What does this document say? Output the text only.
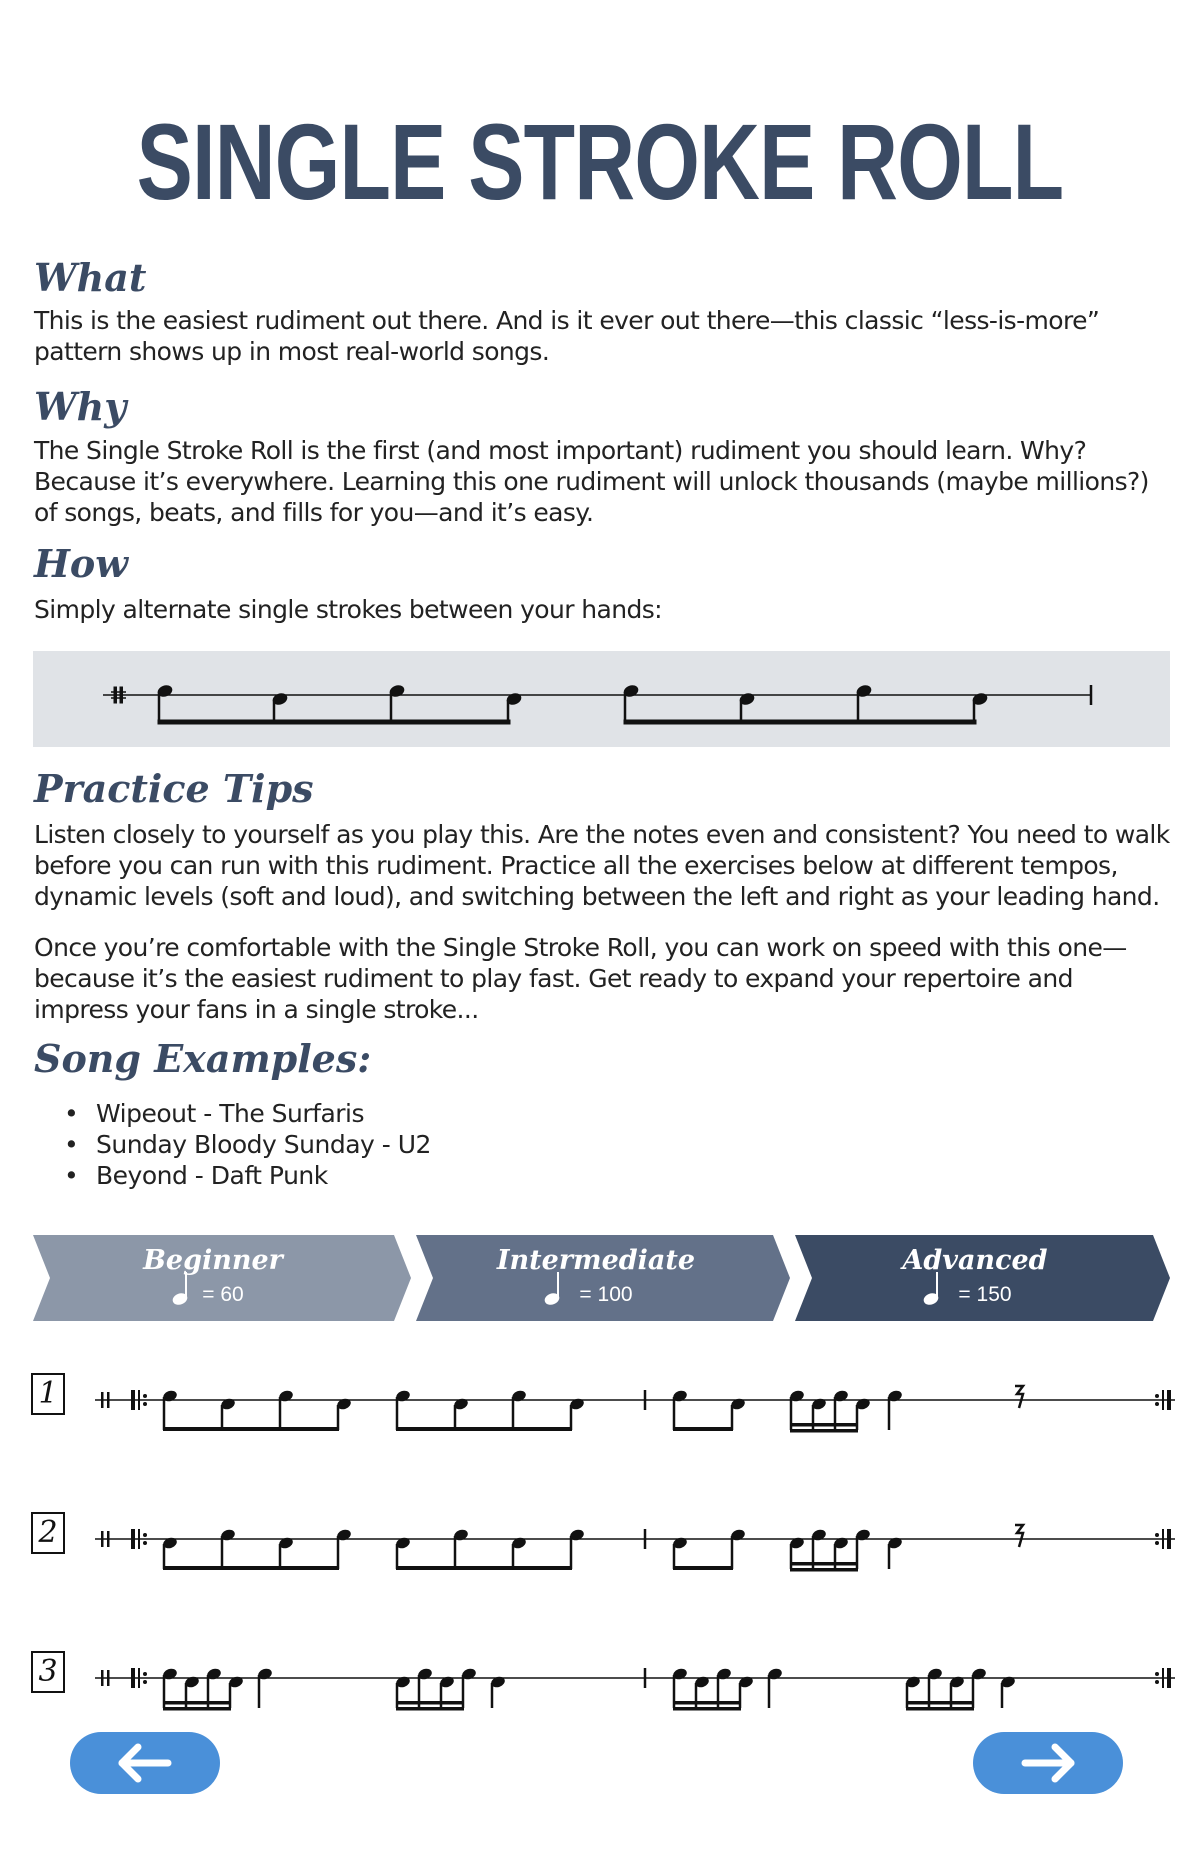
SINGLE STROKE ROLL
What

This is the easiest rudiment out there. And is it ever out there—this classic “less-is-more” pattern shows up in most real-world songs.

Why

The Single Stroke Roll is the first (and most important) rudiment you should learn. Why? Because it’s everywhere. Learning this one rudiment will unlock thousands (maybe millions?) of songs, beats, and fills for you—and it’s easy.

How

Simply alternate single strokes between your hands:

Practice Tips

Listen closely to yourself as you play this. Are the notes even and consistent? You need to walk before you can run with this rudiment. Practice all the exercises below at different tempos, dynamic levels (soft and loud), and switching between the left and right as your leading hand.

Once you’re comfortable with the Single Stroke Roll, you can work on speed with this one—because it’s the easiest rudiment to play fast. Get ready to expand your repertoire and impress your fans in a single stroke...

Song Examples:
• Wipeout - The Surfaris
• Sunday Bloody Sunday - U2
• Beyond - Daft Punk
Beginner
= 60
Intermediate
= 100
Advanced
= 150
1
2
3
